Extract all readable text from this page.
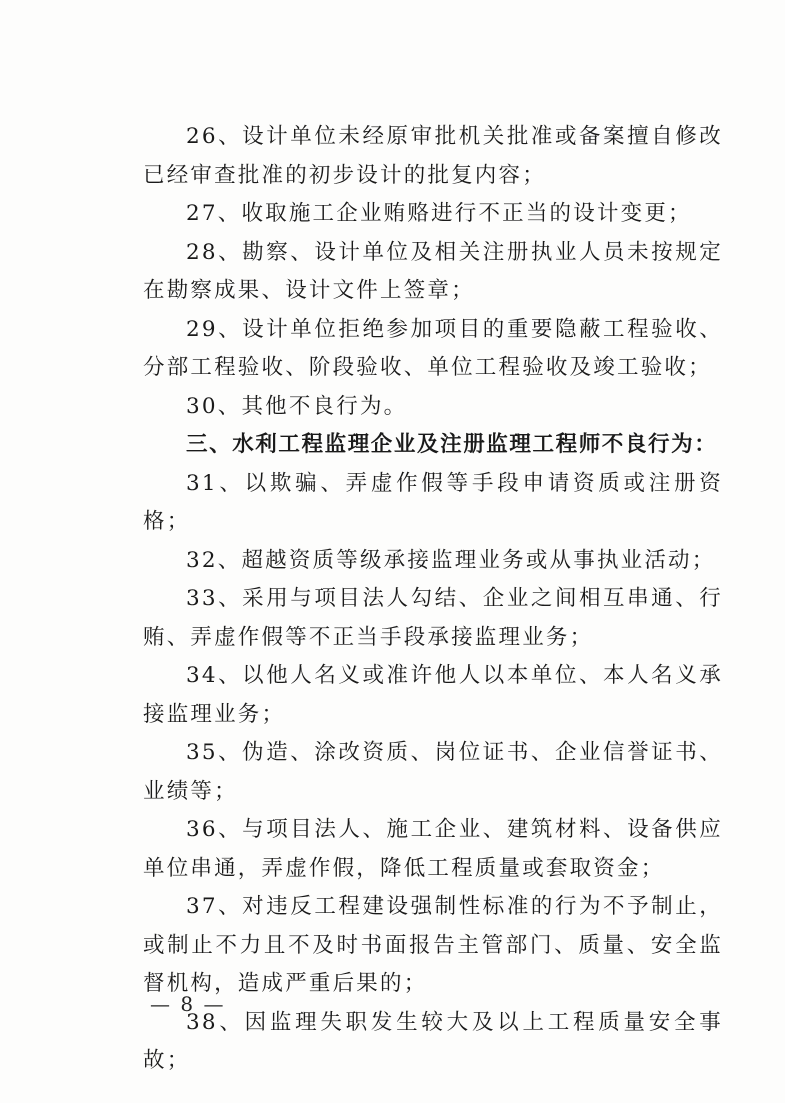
26、设计单位未经原审批机关批准或备案擅自修改已经审查批准的初步设计的批复内容；

27、收取施工企业贿赂进行不正当的设计变更；

28、勘察、设计单位及相关注册执业人员未按规定在勘察成果、设计文件上签章；

29、设计单位拒绝参加项目的重要隐蔽工程验收、分部工程验收、阶段验收、单位工程验收及竣工验收；

30、其他不良行为。

三、水利工程监理企业及注册监理工程师不良行为：

31、以欺骗、弄虚作假等手段申请资质或注册资格；

32、超越资质等级承接监理业务或从事执业活动；

33、采用与项目法人勾结、企业之间相互串通、行贿、弄虚作假等不正当手段承接监理业务；

34、以他人名义或准许他人以本单位、本人名义承接监理业务；

35、伪造、涂改资质、岗位证书、企业信誉证书、业绩等；

36、与项目法人、施工企业、建筑材料、设备供应单位串通，弄虚作假，降低工程质量或套取资金；

37、对违反工程建设强制性标准的行为不予制止，或制止不力且不及时书面报告主管部门、质量、安全监督机构，造成严重后果的；

38、因监理失职发生较大及以上工程质量安全事故；

— 8 —
